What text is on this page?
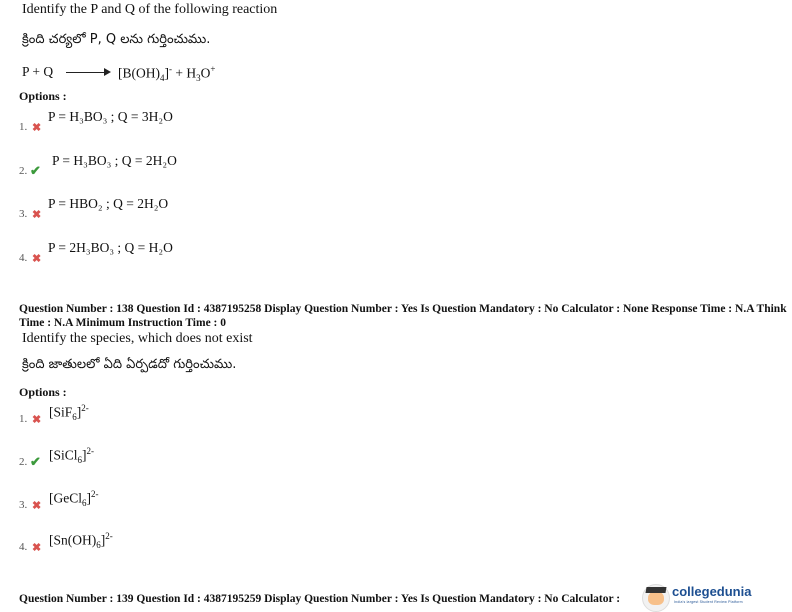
Identify the P and Q of the following reaction
క్రింది చర్యలో P, Q లను గుర్తించుము.
P + Q	$[B(OH)_4]^- + H_3O^+$
Options :
P = H₃BO₃ ; Q = 3H₂O
1. ✖
P = H₃BO₃ ; Q = 2H₂O
2. ✔
P = HBO₂ ; Q = 2H₂O
3. ✖
P = 2H₃BO₃ ; Q = H₂O
4. ✖
Question Number : 138 Question Id : 4387195258 Display Question Number : Yes Is Question Mandatory : No Calculator : None Response Time : N.A Think Time : N.A Minimum Instruction Time : 0
Identify the species, which does not exist
క్రింది జాతులలో ఏది ఏర్పడదో గుర్తించుము.
Options :
$[SiF_6]^{2-}$
1. ✖
[SiCl$_6$]$^{2-}$
2. ✔
[GeCl$_6$]$^{2-}$
3. ✖
$[Sn(OH)_6]^{2-}$
4. ✖
Question Number : 139 Question Id : 4387195259 Display Question Number : Yes Is Question Mandatory : No Calculator :	collegedunia
India's largest Student Review Platform
